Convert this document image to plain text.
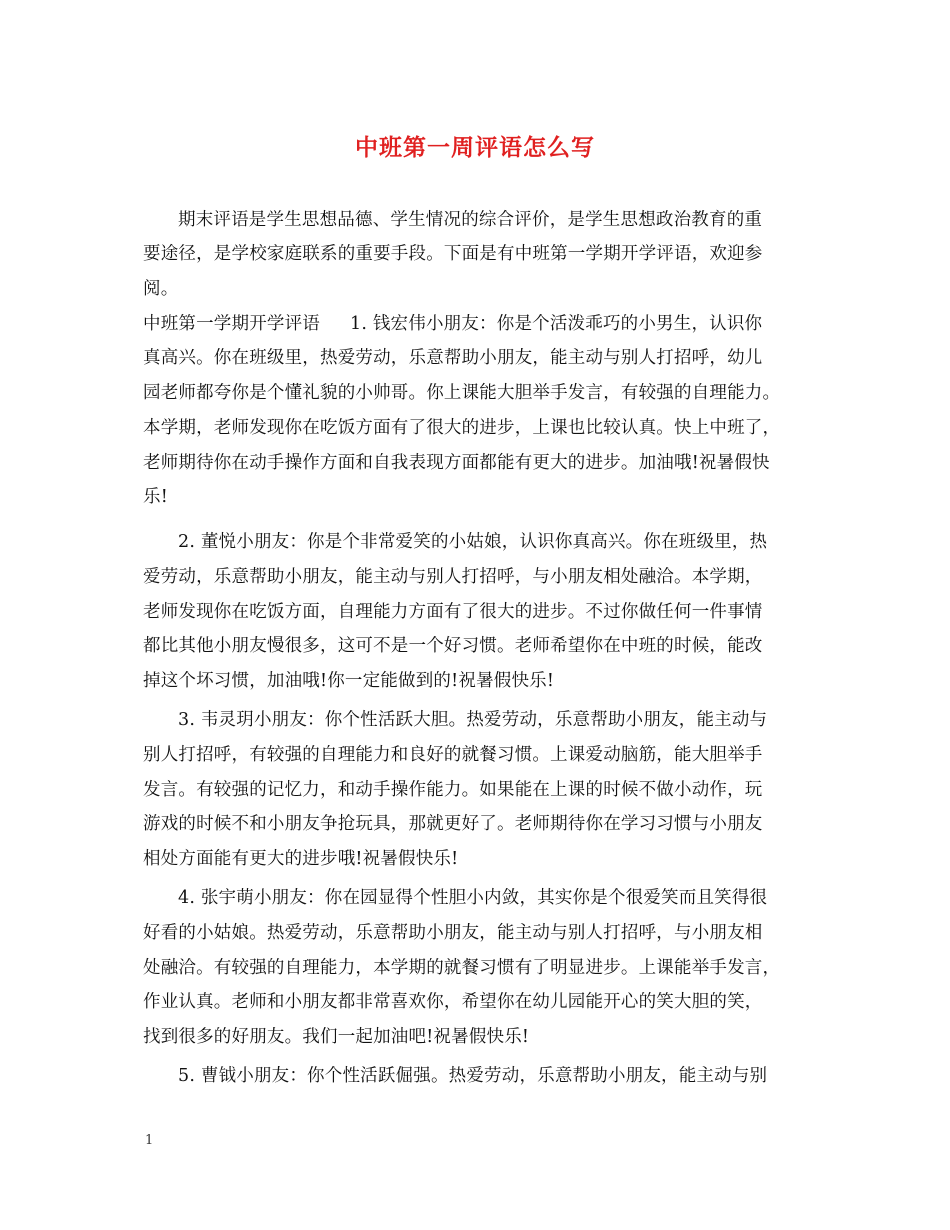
中班第一周评语怎么写
期末评语是学生思想品德、学生情况的综合评价，是学生思想政治教育的重
要途径，是学校家庭联系的重要手段。下面是有中班第一学期开学评语，欢迎参
阅。
中班第一学期开学评语 1. 钱宏伟小朋友：你是个活泼乖巧的小男生，认识你
真高兴。你在班级里，热爱劳动，乐意帮助小朋友，能主动与别人打招呼，幼儿
园老师都夸你是个懂礼貌的小帅哥。你上课能大胆举手发言，有较强的自理能力。
本学期，老师发现你在吃饭方面有了很大的进步，上课也比较认真。快上中班了，
老师期待你在动手操作方面和自我表现方面都能有更大的进步。加油哦!祝暑假快
乐!
2. 董悦小朋友：你是个非常爱笑的小姑娘，认识你真高兴。你在班级里，热
爱劳动，乐意帮助小朋友，能主动与别人打招呼，与小朋友相处融洽。本学期，
老师发现你在吃饭方面，自理能力方面有了很大的进步。不过你做任何一件事情
都比其他小朋友慢很多，这可不是一个好习惯。老师希望你在中班的时候，能改
掉这个坏习惯，加油哦!你一定能做到的!祝暑假快乐!
3. 韦灵玥小朋友：你个性活跃大胆。热爱劳动，乐意帮助小朋友，能主动与
别人打招呼，有较强的自理能力和良好的就餐习惯。上课爱动脑筋，能大胆举手
发言。有较强的记忆力，和动手操作能力。如果能在上课的时候不做小动作，玩
游戏的时候不和小朋友争抢玩具，那就更好了。老师期待你在学习习惯与小朋友
相处方面能有更大的进步哦!祝暑假快乐!
4. 张宇萌小朋友：你在园显得个性胆小内敛，其实你是个很爱笑而且笑得很
好看的小姑娘。热爱劳动，乐意帮助小朋友，能主动与别人打招呼，与小朋友相
处融洽。有较强的自理能力，本学期的就餐习惯有了明显进步。上课能举手发言，
作业认真。老师和小朋友都非常喜欢你，希望你在幼儿园能开心的笑大胆的笑，
找到很多的好朋友。我们一起加油吧!祝暑假快乐!
5. 曹钺小朋友：你个性活跃倔强。热爱劳动，乐意帮助小朋友，能主动与别
1
